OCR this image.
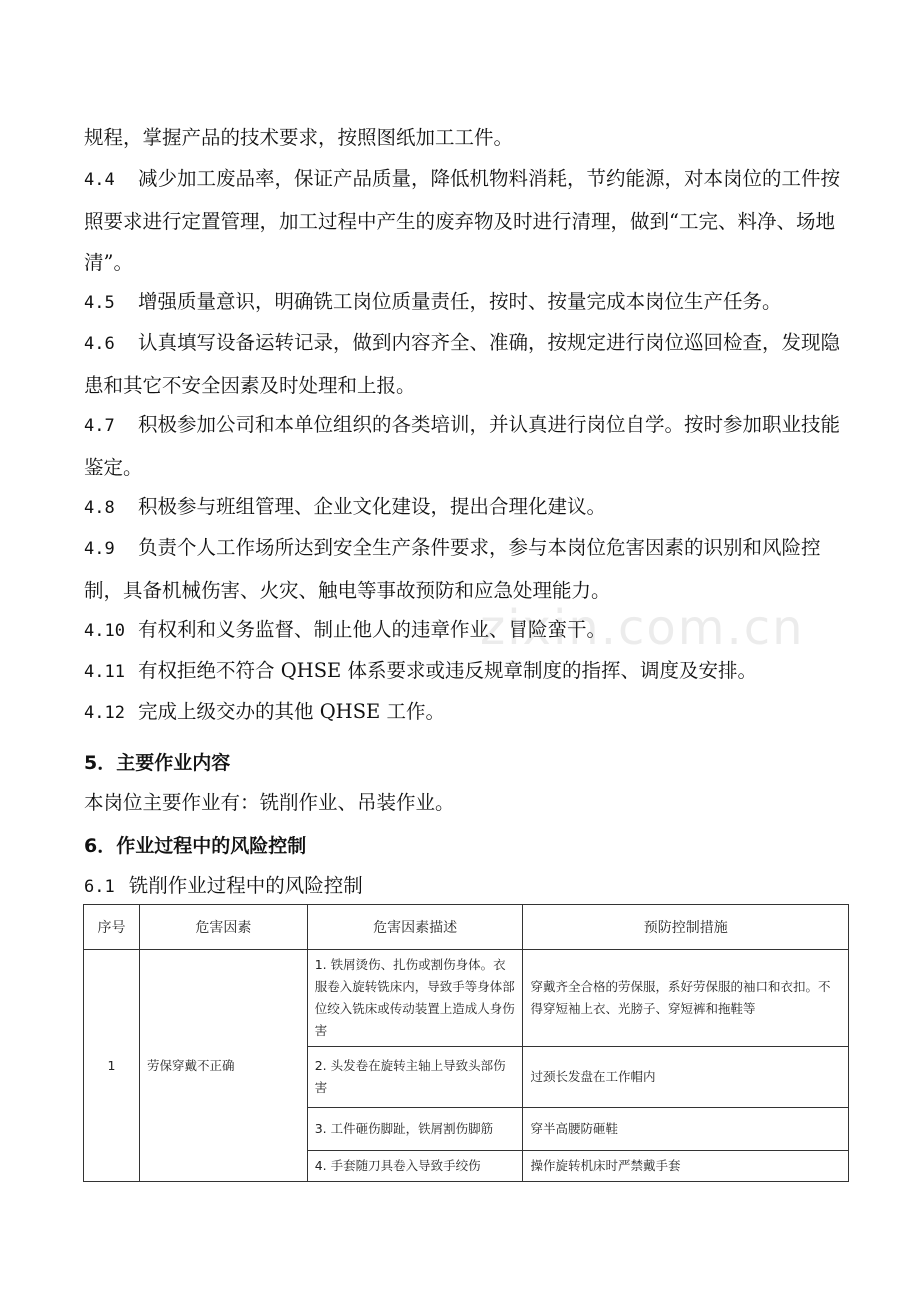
zixin.com.cn
规程，掌握产品的技术要求，按照图纸加工工件。
4.4 减少加工废品率，保证产品质量，降低机物料消耗，节约能源，对本岗位的工件按照要求进行定置管理，加工过程中产生的废弃物及时进行清理，做到“工完、料净、场地清”。
4.5 增强质量意识，明确铣工岗位质量责任，按时、按量完成本岗位生产任务。
4.6 认真填写设备运转记录，做到内容齐全、准确，按规定进行岗位巡回检查，发现隐患和其它不安全因素及时处理和上报。
4.7 积极参加公司和本单位组织的各类培训，并认真进行岗位自学。按时参加职业技能鉴定。
4.8 积极参与班组管理、企业文化建设，提出合理化建议。
4.9 负责个人工作场所达到安全生产条件要求，参与本岗位危害因素的识别和风险控制，具备机械伤害、火灾、触电等事故预防和应急处理能力。
4.10 有权利和义务监督、制止他人的违章作业、冒险蛮干。
4.11 有权拒绝不符合 QHSE 体系要求或违反规章制度的指挥、调度及安排。
4.12 完成上级交办的其他 QHSE 工作。
5．主要作业内容
本岗位主要作业有：铣削作业、吊装作业。
6．作业过程中的风险控制
6.1 铣削作业过程中的风险控制
序号	危害因素	危害因素描述	预防控制措施
1	劳保穿戴不正确	1. 铁屑烫伤、扎伤或割伤身体。衣服卷入旋转铣床内，导致手等身体部位绞入铣床或传动装置上造成人身伤害	穿戴齐全合格的劳保服，系好劳保服的袖口和衣扣。不得穿短袖上衣、光膀子、穿短裤和拖鞋等
		2. 头发卷在旋转主轴上导致头部伤害	过颈长发盘在工作帽内
		3. 工件砸伤脚趾，铁屑割伤脚筋	穿半高腰防砸鞋
		4. 手套随刀具卷入导致手绞伤	操作旋转机床时严禁戴手套
